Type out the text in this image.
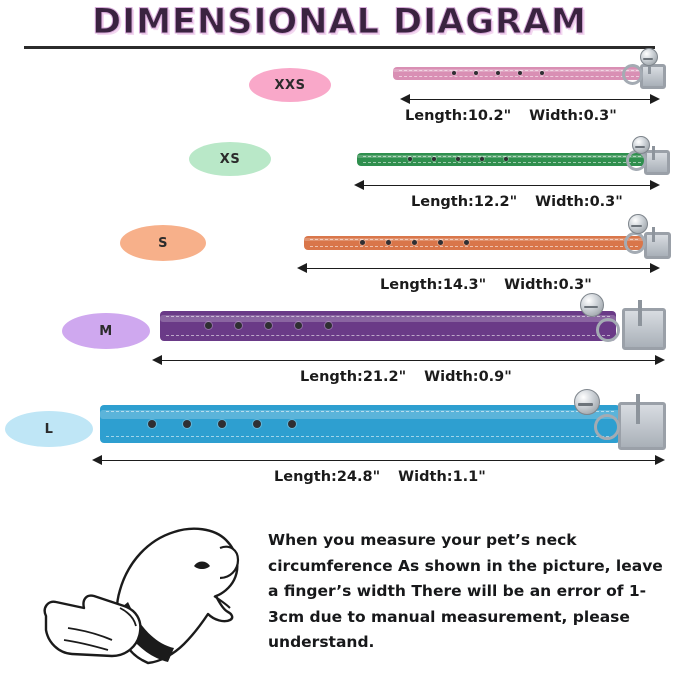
DIMENSIONAL DIAGRAM
XXS
Length:10.2" Width:0.3"
XS
Length:12.2" Width:0.3"
S
Length:14.3" Width:0.3"
M
Length:21.2" Width:0.9"
L
Length:24.8" Width:1.1"
When you measure your pet’s neck circumference As shown in the picture, leave a finger’s width There will be an error of 1-3cm due to manual measurement, please understand.
